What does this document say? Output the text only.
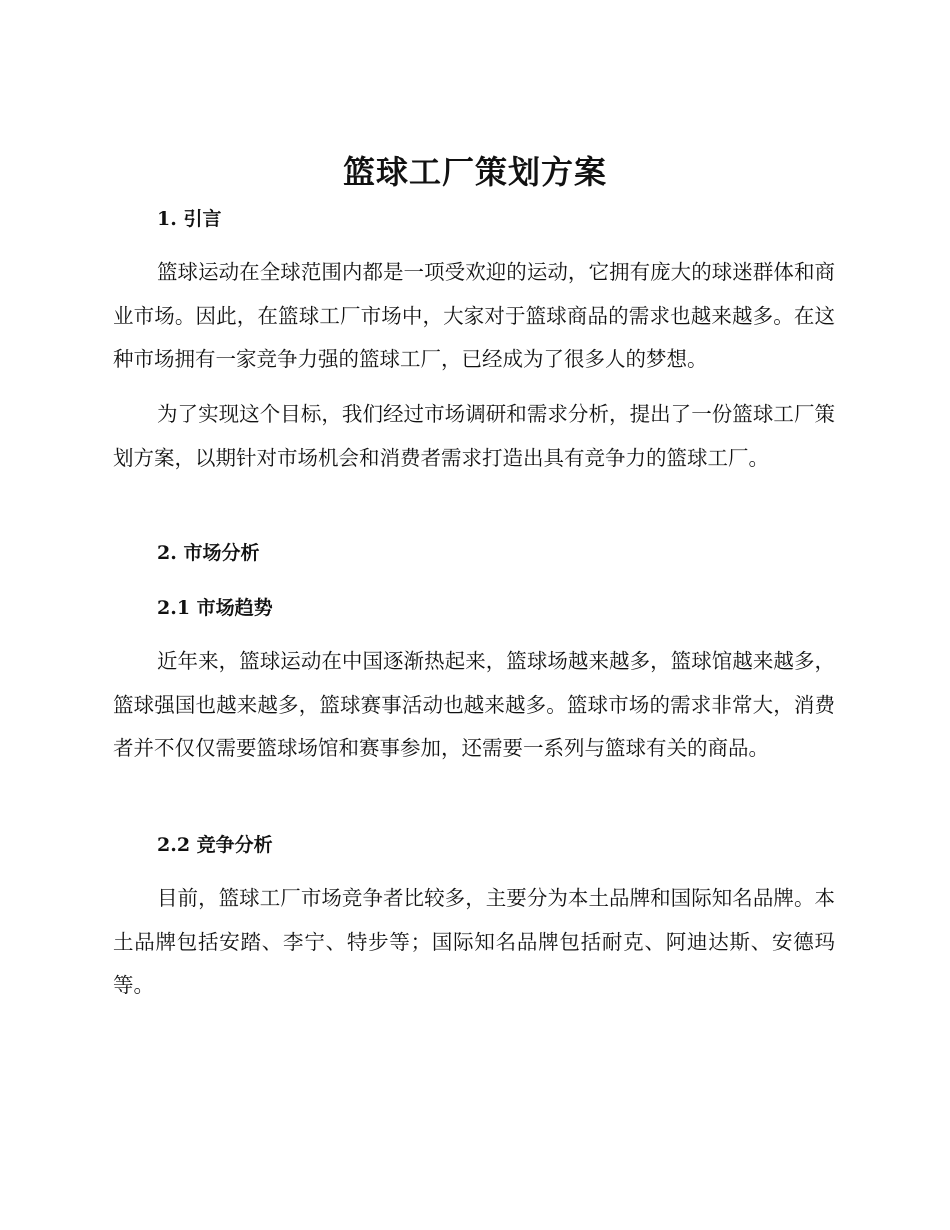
篮球工厂策划方案
1. 引言

篮球运动在全球范围内都是一项受欢迎的运动，它拥有庞大的球迷群体和商业市场。因此，在篮球工厂市场中，大家对于篮球商品的需求也越来越多。在这种市场拥有一家竞争力强的篮球工厂，已经成为了很多人的梦想。

为了实现这个目标，我们经过市场调研和需求分析，提出了一份篮球工厂策划方案，以期针对市场机会和消费者需求打造出具有竞争力的篮球工厂。

2. 市场分析
2.1 市场趋势

近年来，篮球运动在中国逐渐热起来，篮球场越来越多，篮球馆越来越多，篮球强国也越来越多，篮球赛事活动也越来越多。篮球市场的需求非常大，消费者并不仅仅需要篮球场馆和赛事参加，还需要一系列与篮球有关的商品。

2.2 竞争分析

目前，篮球工厂市场竞争者比较多，主要分为本土品牌和国际知名品牌。本土品牌包括安踏、李宁、特步等；国际知名品牌包括耐克、阿迪达斯、安德玛等。
